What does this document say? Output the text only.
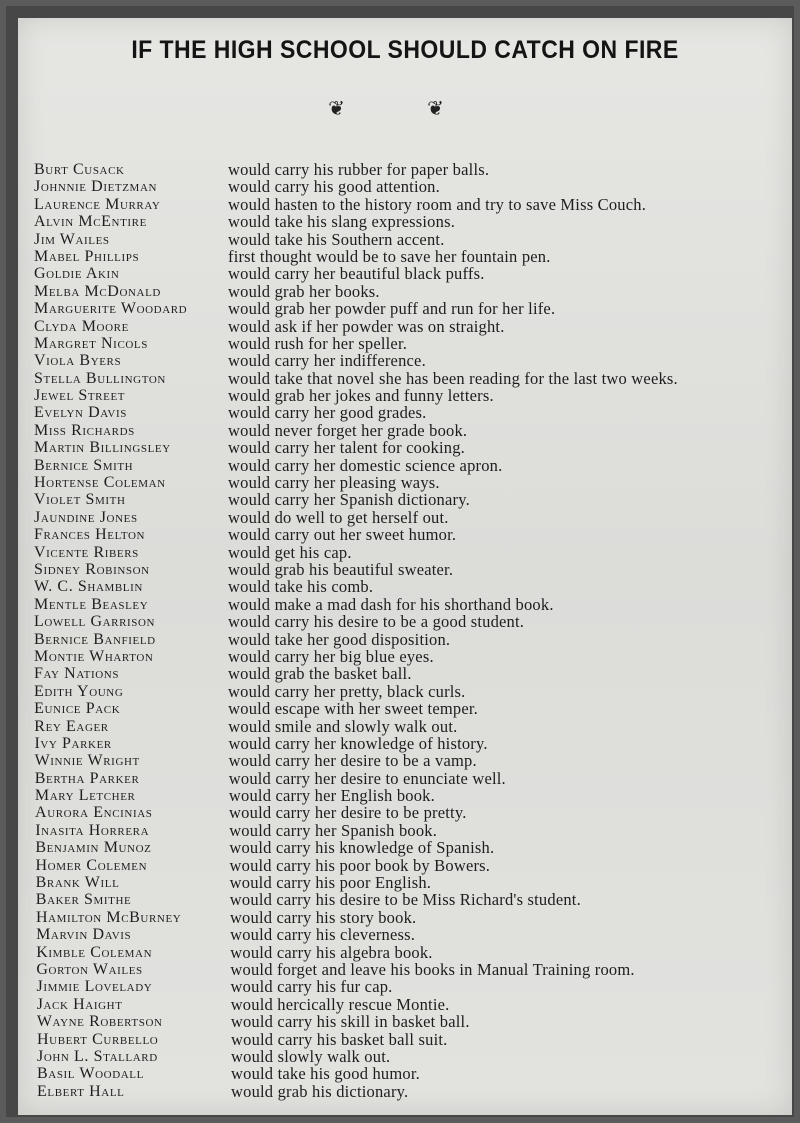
IF THE HIGH SCHOOL SHOULD CATCH ON FIRE
❦ ❦
Burt Cusack	would carry his rubber for paper balls.
Johnnie Dietzman	would carry his good attention.
Laurence Murray	would hasten to the history room and try to save Miss Couch.
Alvin McEntire	would take his slang expressions.
Jim Wailes	would take his Southern accent.
Mabel Phillips	first thought would be to save her fountain pen.
Goldie Akin	would carry her beautiful black puffs.
Melba McDonald	would grab her books.
Marguerite Woodard would grab her powder puff and run for her life.
Clyda Moore	would ask if her powder was on straight.
Margret Nicols	would rush for her speller.
Viola Byers	would carry her indifference.
Stella Bullington	would take that novel she has been reading for the last two weeks.
Jewel Street	would grab her jokes and funny letters.
Evelyn Davis	would carry her good grades.
Miss Richards	would never forget her grade book.
Martin Billingsley	would carry her talent for cooking.
Bernice Smith	would carry her domestic science apron.
Hortense Coleman	would carry her pleasing ways.
Violet Smith	would carry her Spanish dictionary.
Jaundine Jones	would do well to get herself out.
Frances Helton	would carry out her sweet humor.
Vicente Ribers	would get his cap.
Sidney Robinson	would grab his beautiful sweater.
W. C. Shamblin	would take his comb.
Mentle Beasley	would make a mad dash for his shorthand book.
Lowell Garrison	would carry his desire to be a good student.
Bernice Banfield	would take her good disposition.
Montie Wharton	would carry her big blue eyes.
Fay Nations	would grab the basket ball.
Edith Young	would carry her pretty, black curls.
Eunice Pack	would escape with her sweet temper.
Rey Eager	would smile and slowly walk out.
Ivy Parker	would carry her knowledge of history.
Winnie Wright	would carry her desire to be a vamp.
Bertha Parker	would carry her desire to enunciate well.
Mary Letcher	would carry her English book.
Aurora Encinias	would carry her desire to be pretty.
Inasita Horrera	would carry her Spanish book.
Benjamin Munoz	would carry his knowledge of Spanish.
Homer Colemen	would carry his poor book by Bowers.
Brank Will	would carry his poor English.
Baker Smithe	would carry his desire to be Miss Richard's student.
Hamilton McBurney	would carry his story book.
Marvin Davis	would carry his cleverness.
Kimble Coleman	would carry his algebra book.
Gorton Wailes	would forget and leave his books in Manual Training room.
Jimmie Lovelady	would carry his fur cap.
Jack Haight	would hercically rescue Montie.
Wayne Robertson	would carry his skill in basket ball.
Hubert Curbello	would carry his basket ball suit.
John L. Stallard	would slowly walk out.
Basil Woodall	would take his good humor.
Elbert Hall	would grab his dictionary.
